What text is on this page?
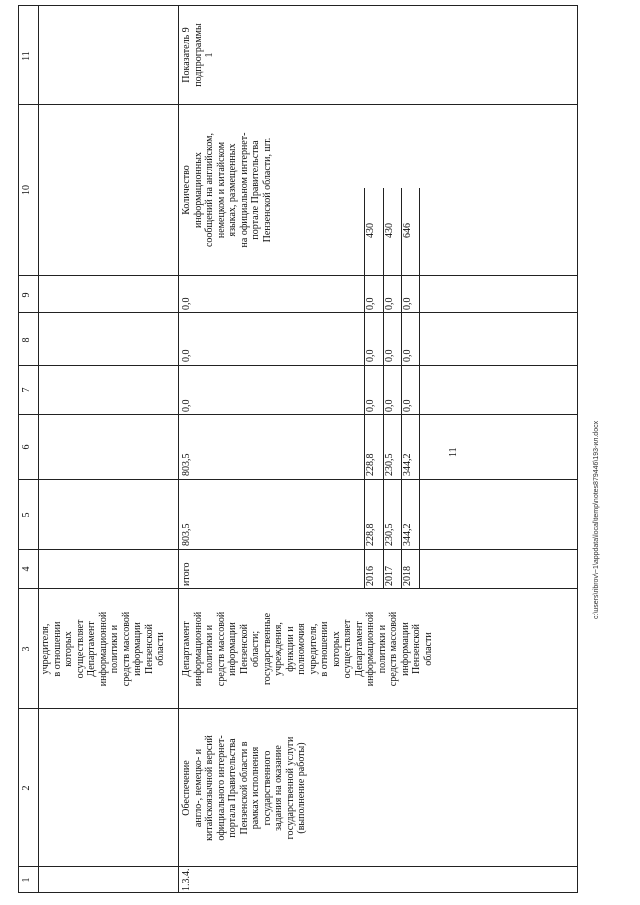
11	c:\users\ribrov\~1\appdata\local\temp\notes879446\193-ил.docx
1
2
3
4
5
6
7
8
9
10
11
учредителя,
в отношении
которых
осуществляет
Департамент
информационной
политики и
средств массовой
информации
Пензенской
области
1.3.4.
Обеспечение
англо-, немецко- и
китайскоязычной версий
официального интернет-
портала Правительства
Пензенской области в
рамках исполнения
государственного
задания на оказание
государственной услуги
(выполнение работы)
Департамент
информационной
политики и
средств массовой
информации
Пензенской
области;
государственные
учреждения,
функции и
полномочия
учредителя,
в отношении
которых
осуществляет
Департамент
информационной
политики и
средств массовой
информации
Пензенской
области
Количество
информационных
сообщений на английском,
немецком и китайском
языках, размещенных
на официальном интернет-
портале Правительства
Пензенской области, шт.
Показатель 9
подпрограммы
1
итого
803,5
803,5
0,0
0,0
0,0
2016
228,8
228,8
0,0
0,0
0,0
430
2017
230,5
230,5
0,0
0,0
0,0
430
2018
344,2
344,2
0,0
0,0
0,0
646
